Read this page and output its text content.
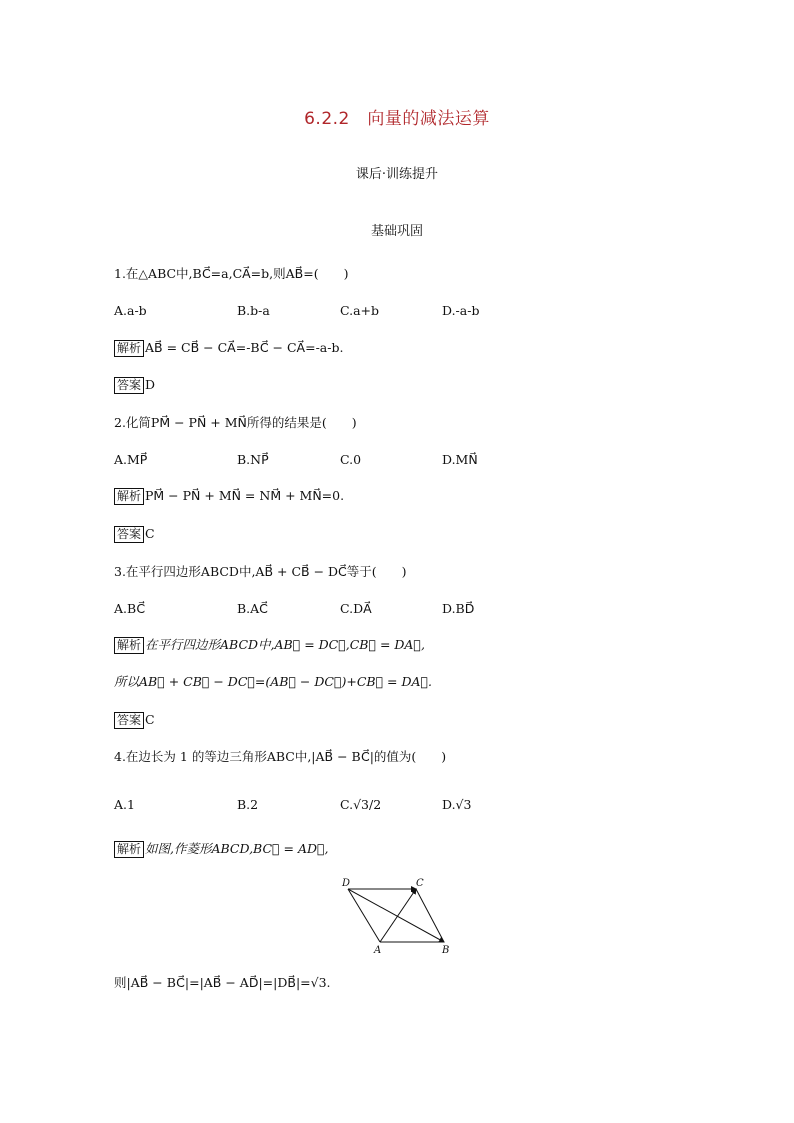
6.2.2　向量的减法运算
课后·训练提升
基础巩固
1.在△ABC中,BC⃗=a,CA⃗=b,则AB⃗=(　　)
A.a-b	B.b-a	C.a+b	D.-a-b
解析 AB⃗ = CB⃗ − CA⃗=-BC⃗ − CA⃗=-a-b.
答案 D
2.化简PM⃗ − PN⃗ + MN⃗所得的结果是(　　)
A.MP⃗	B.NP⃗	C.0	D.MN⃗
解析 PM⃗ − PN⃗ + MN⃗ = NM⃗ + MN⃗=0.
答案 C
3.在平行四边形ABCD中,AB⃗ + CB⃗ − DC⃗等于(　　)
A.BC⃗	B.AC⃗	C.DA⃗	D.BD⃗
解析 在平行四边形ABCD中,AB⃗ = DC⃗,CB⃗ = DA⃗,
所以AB⃗ + CB⃗ − DC⃗=(AB⃗ − DC⃗)+CB⃗ = DA⃗.
答案 C
4.在边长为 1 的等边三角形ABC中,|AB⃗ − BC⃗|的值为(　　)
A.1	B.2	C.√3/2	D.√3
解析 如图,作菱形ABCD,BC⃗ = AD⃗,
D	C
A	B
则|AB⃗ − BC⃗|=|AB⃗ − AD⃗|=|DB⃗|=√3.
